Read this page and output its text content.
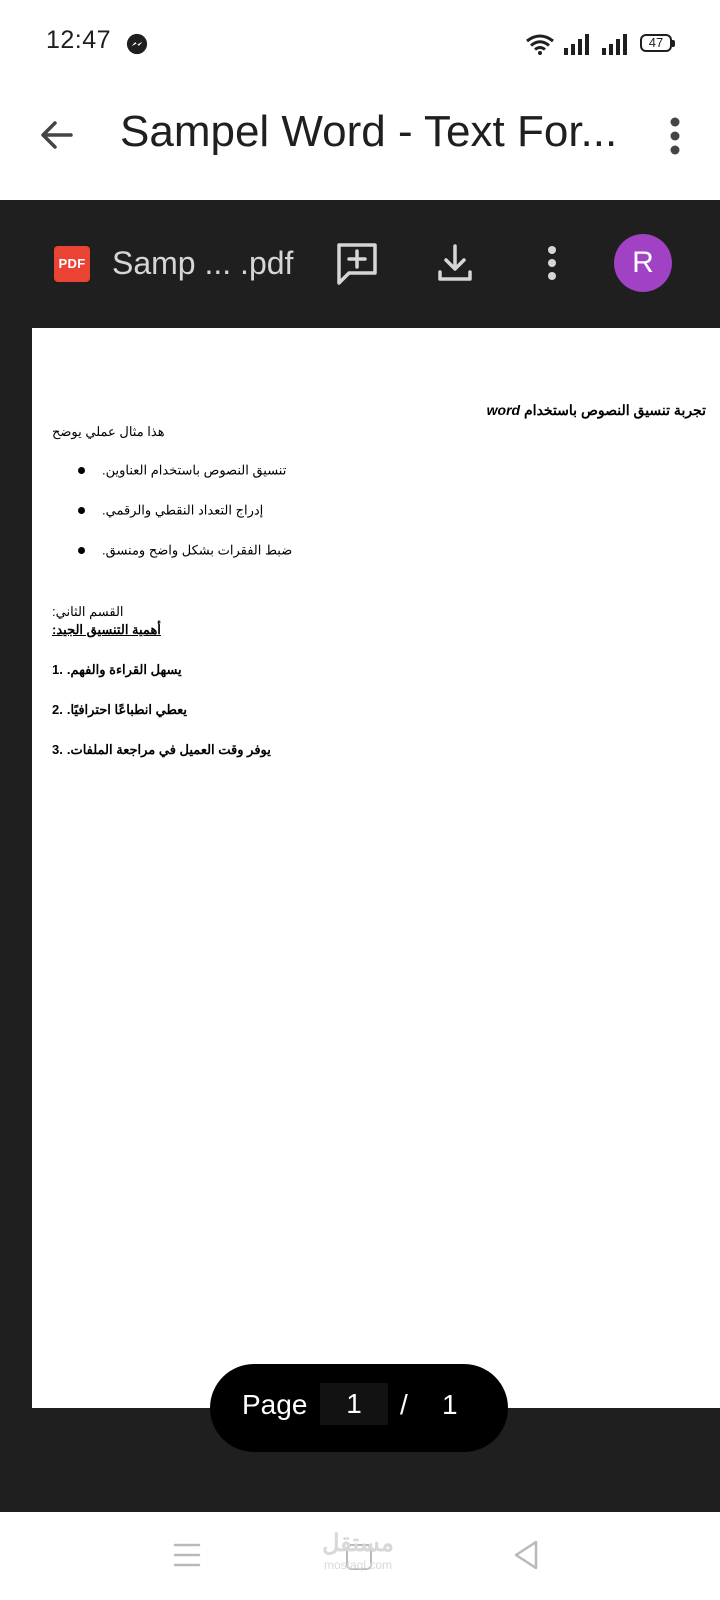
12:47	47
Sampel Word - Text For...
PDF Samp ... .pdf	R
تجربة تنسيق النصوص باستخدام word
هذا مثال عملي يوضح
تنسيق النصوص باستخدام العناوين.
إدراج التعداد النقطي والرقمي.
ضبط الفقرات بشكل واضح ومنسق.
القسم الثاني:
أهمية التنسيق الجيد:
1. يسهل القراءة والفهم.
2. يعطي انطباعًا احترافيًا.
3. يوفر وقت العميل في مراجعة الملفات.
Page	1	/ 1
مستقل
mostaql.com
